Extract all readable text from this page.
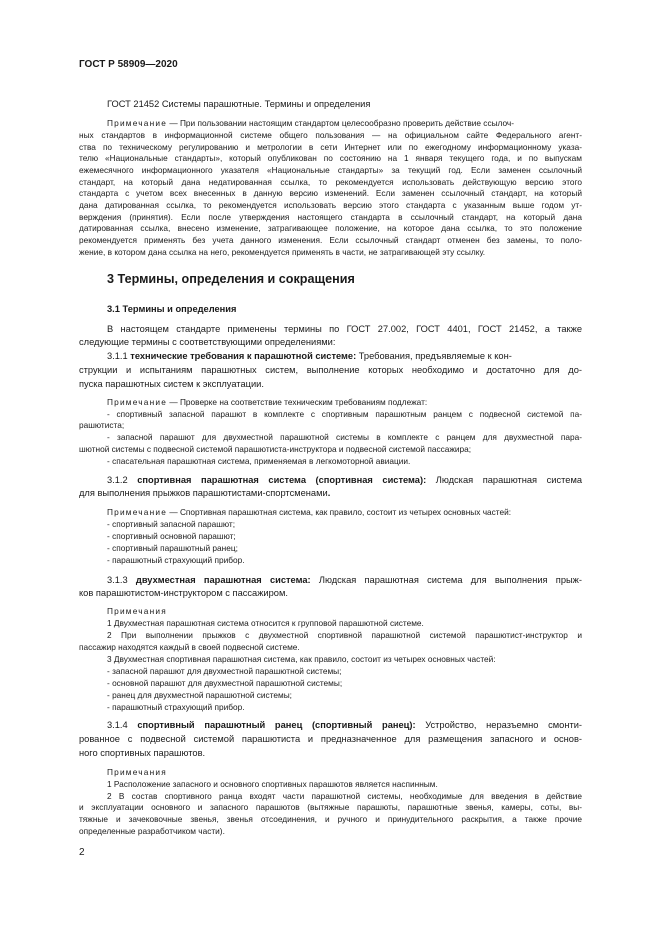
ГОСТ Р 58909—2020
ГОСТ 21452 Системы парашютные. Термины и определения
Примечание — При пользовании настоящим стандартом целесообразно проверить действие ссылоч-
ных стандартов в информационной системе общего пользования — на официальном сайте Федерального агент-
ства по техническому регулированию и метрологии в сети Интернет или по ежегодному информационному указа-
телю «Национальные стандарты», который опубликован по состоянию на 1 января текущего года, и по выпускам
ежемесячного информационного указателя «Национальные стандарты» за текущий год. Если заменен ссылочный
стандарт, на который дана недатированная ссылка, то рекомендуется использовать действующую версию этого
стандарта с учетом всех внесенных в данную версию изменений. Если заменен ссылочный стандарт, на который
дана датированная ссылка, то рекомендуется использовать версию этого стандарта с указанным выше годом ут-
верждения (принятия). Если после утверждения настоящего стандарта в ссылочный стандарт, на который дана
датированная ссылка, внесено изменение, затрагивающее положение, на которое дана ссылка, то это положение
рекомендуется применять без учета данного изменения. Если ссылочный стандарт отменен без замены, то поло-
жение, в котором дана ссылка на него, рекомендуется применять в части, не затрагивающей эту ссылку.
3 Термины, определения и сокращения
3.1 Термины и определения
В настоящем стандарте применены термины по ГОСТ 27.002, ГОСТ 4401, ГОСТ 21452, а также
следующие термины с соответствующими определениями:
3.1.1 технические требования к парашютной системе: Требования, предъявляемые к кон-
струкции и испытаниям парашютных систем, выполнение которых необходимо и достаточно для до-
пуска парашютных систем к эксплуатации.
Примечание — Проверке на соответствие техническим требованиям подлежат:
- спортивный запасной парашют в комплекте с спортивным парашютным ранцем с подвесной системой па-
рашютиста;
- запасной парашют для двухместной парашютной системы в комплекте с ранцем для двухместной пара-
шютной системы с подвесной системой парашютиста-инструктора и подвесной системой пассажира;
- спасательная парашютная система, применяемая в легкомоторной авиации.
3.1.2 спортивная парашютная система (спортивная система): Людская парашютная система
для выполнения прыжков парашютистами-спортсменами.
Примечание — Спортивная парашютная система, как правило, состоит из четырех основных частей:
- спортивный запасной парашют;
- спортивный основной парашют;
- спортивный парашютный ранец;
- парашютный страхующий прибор.
3.1.3 двухместная парашютная система: Людская парашютная система для выполнения прыж-
ков парашютистом-инструктором с пассажиром.
Примечания
1 Двухместная парашютная система относится к групповой парашютной системе.
2 При выполнении прыжков с двухместной спортивной парашютной системой парашютист-инструктор и
пассажир находятся каждый в своей подвесной системе.
3 Двухместная спортивная парашютная система, как правило, состоит из четырех основных частей:
- запасной парашют для двухместной парашютной системы;
- основной парашют для двухместной парашютной системы;
- ранец для двухместной парашютной системы;
- парашютный страхующий прибор.
3.1.4 спортивный парашютный ранец (спортивный ранец): Устройство, неразъемно смонти-
рованное с подвесной системой парашютиста и предназначенное для размещения запасного и основ-
ного спортивных парашютов.
Примечания
1 Расположение запасного и основного спортивных парашютов является наспинным.
2 В состав спортивного ранца входят части парашютной системы, необходимые для введения в действие
и эксплуатации основного и запасного парашютов (вытяжные парашюты, парашютные звенья, камеры, соты, вы-
тяжные и зачековочные звенья, звенья отсоединения, и ручного и принудительного раскрытия, а также прочие
определенные разработчиком части).
2
